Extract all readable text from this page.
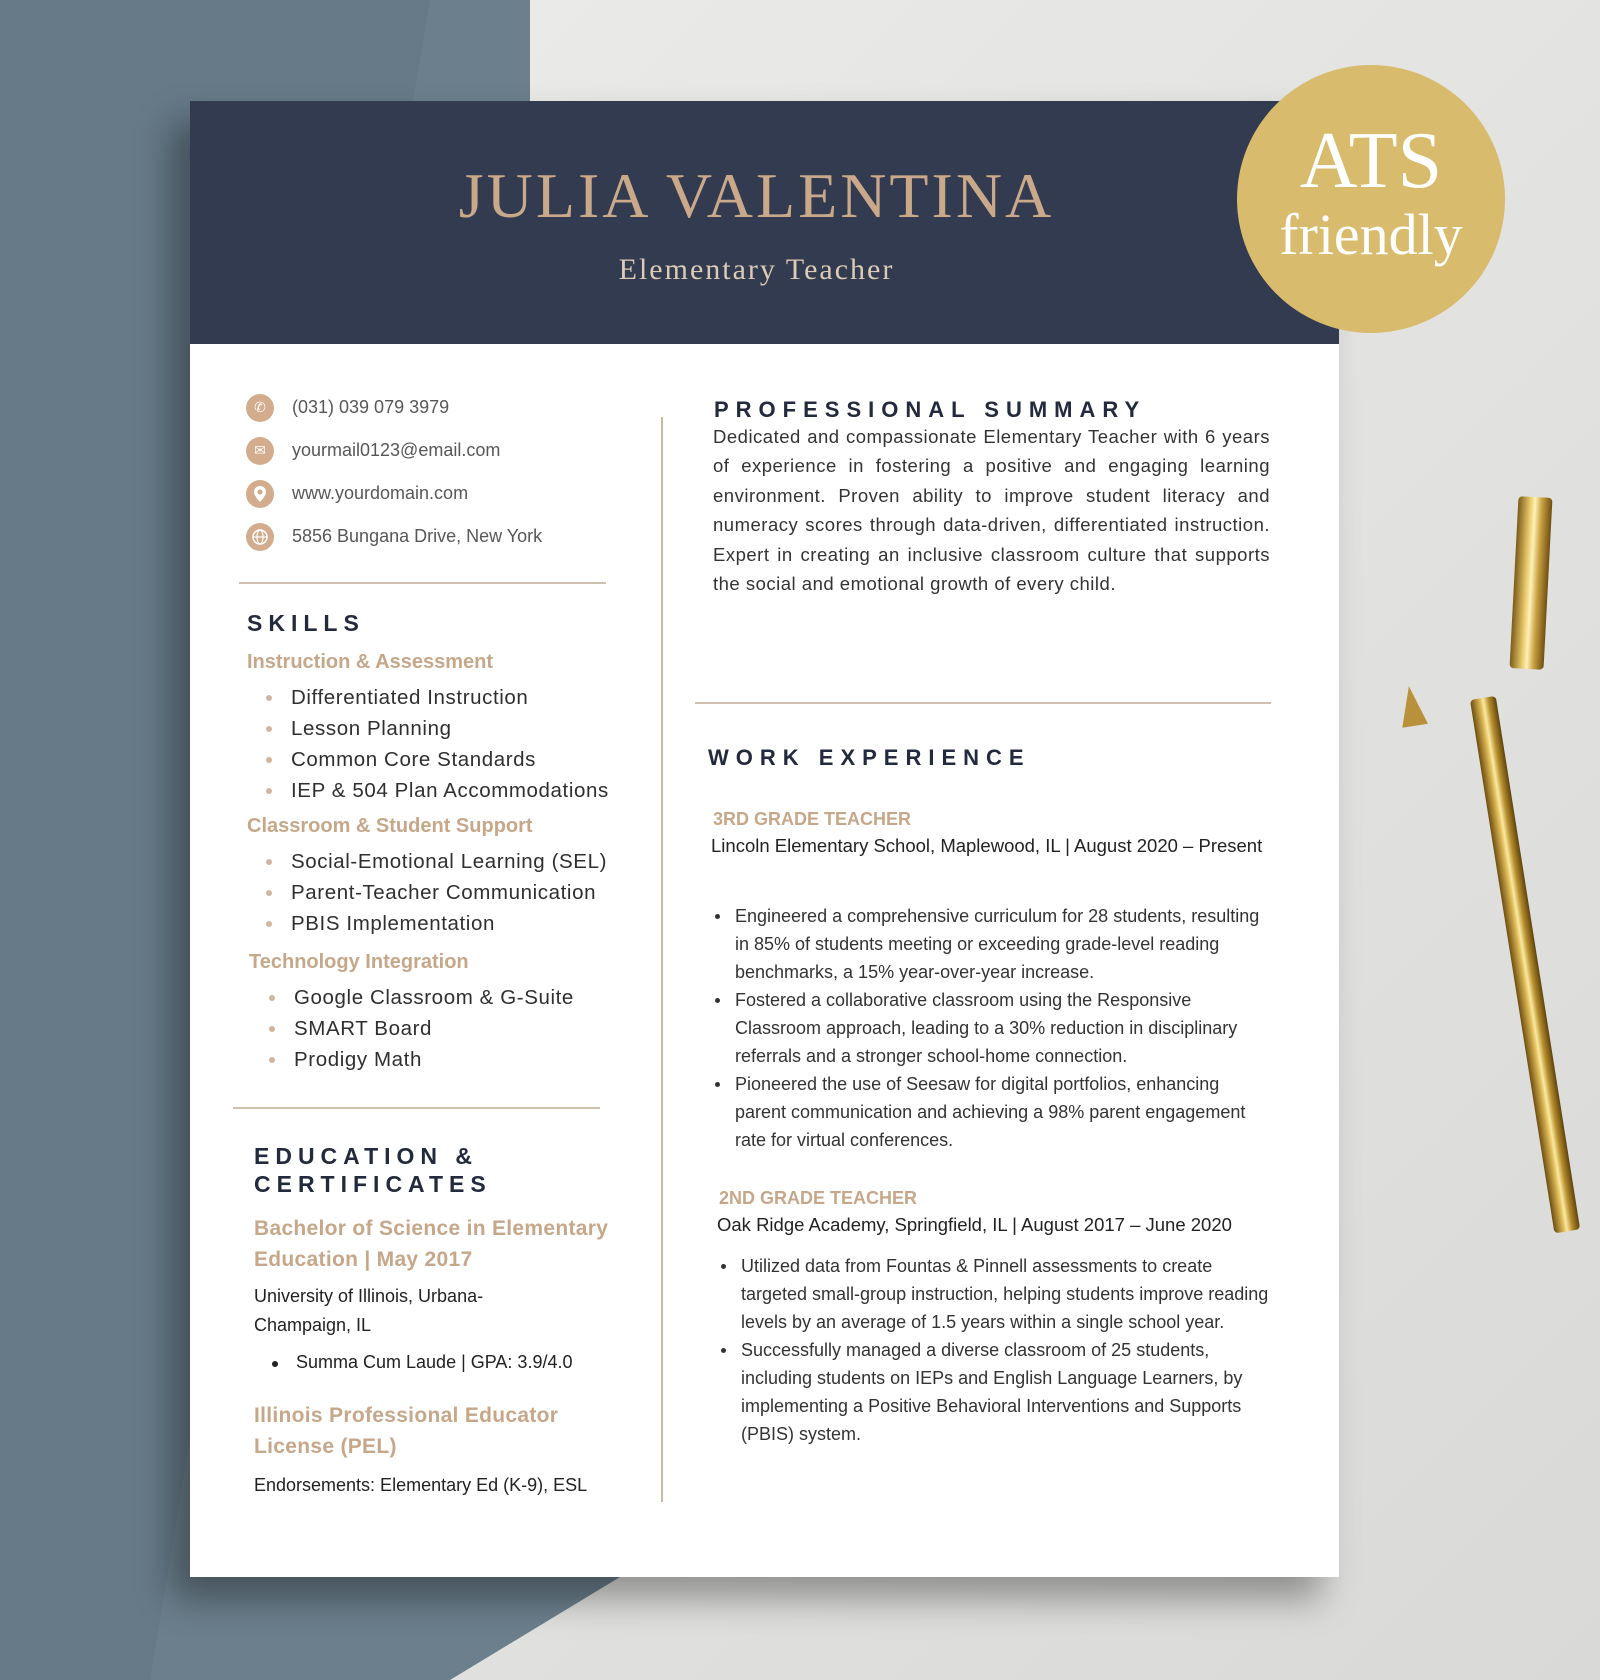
JULIA VALENTINA
Elementary Teacher
✆	(031) 039 079 3979
✉	yourmail0123@email.com
www.yourdomain.com
5856 Bungana Drive, New York
SKILLS
Instruction & Assessment
Differentiated Instruction
Lesson Planning
Common Core Standards
IEP & 504 Plan Accommodations
Classroom & Student Support
Social-Emotional Learning (SEL)
Parent-Teacher Communication
PBIS Implementation
Technology Integration
Google Classroom & G-Suite
SMART Board
Prodigy Math
EDUCATION &
CERTIFICATES
Bachelor of Science in Elementary
Education | May 2017
University of Illinois, Urbana-
Champaign, IL
Summa Cum Laude | GPA: 3.9/4.0
Illinois Professional Educator
License (PEL)
Endorsements: Elementary Ed (K-9), ESL
PROFESSIONAL SUMMARY
Dedicated and compassionate Elementary Teacher with 6 years of experience in fostering a positive and engaging learning environment. Proven ability to improve student literacy and numeracy scores through data-driven, differentiated instruction. Expert in creating an inclusive classroom culture that supports the social and emotional growth of every child.
WORK EXPERIENCE
3RD GRADE TEACHER
Lincoln Elementary School, Maplewood, IL | August 2020 – Present
Engineered a comprehensive curriculum for 28 students, resulting in 85% of students meeting or exceeding grade-level reading benchmarks, a 15% year-over-year increase.
Fostered a collaborative classroom using the Responsive Classroom approach, leading to a 30% reduction in disciplinary referrals and a stronger school-home connection.
Pioneered the use of Seesaw for digital portfolios, enhancing parent communication and achieving a 98% parent engagement rate for virtual conferences.
2ND GRADE TEACHER
Oak Ridge Academy, Springfield, IL | August 2017 – June 2020
Utilized data from Fountas & Pinnell assessments to create targeted small-group instruction, helping students improve reading levels by an average of 1.5 years within a single school year.
Successfully managed a diverse classroom of 25 students, including students on IEPs and English Language Learners, by implementing a Positive Behavioral Interventions and Supports (PBIS) system.
ATS
friendly
